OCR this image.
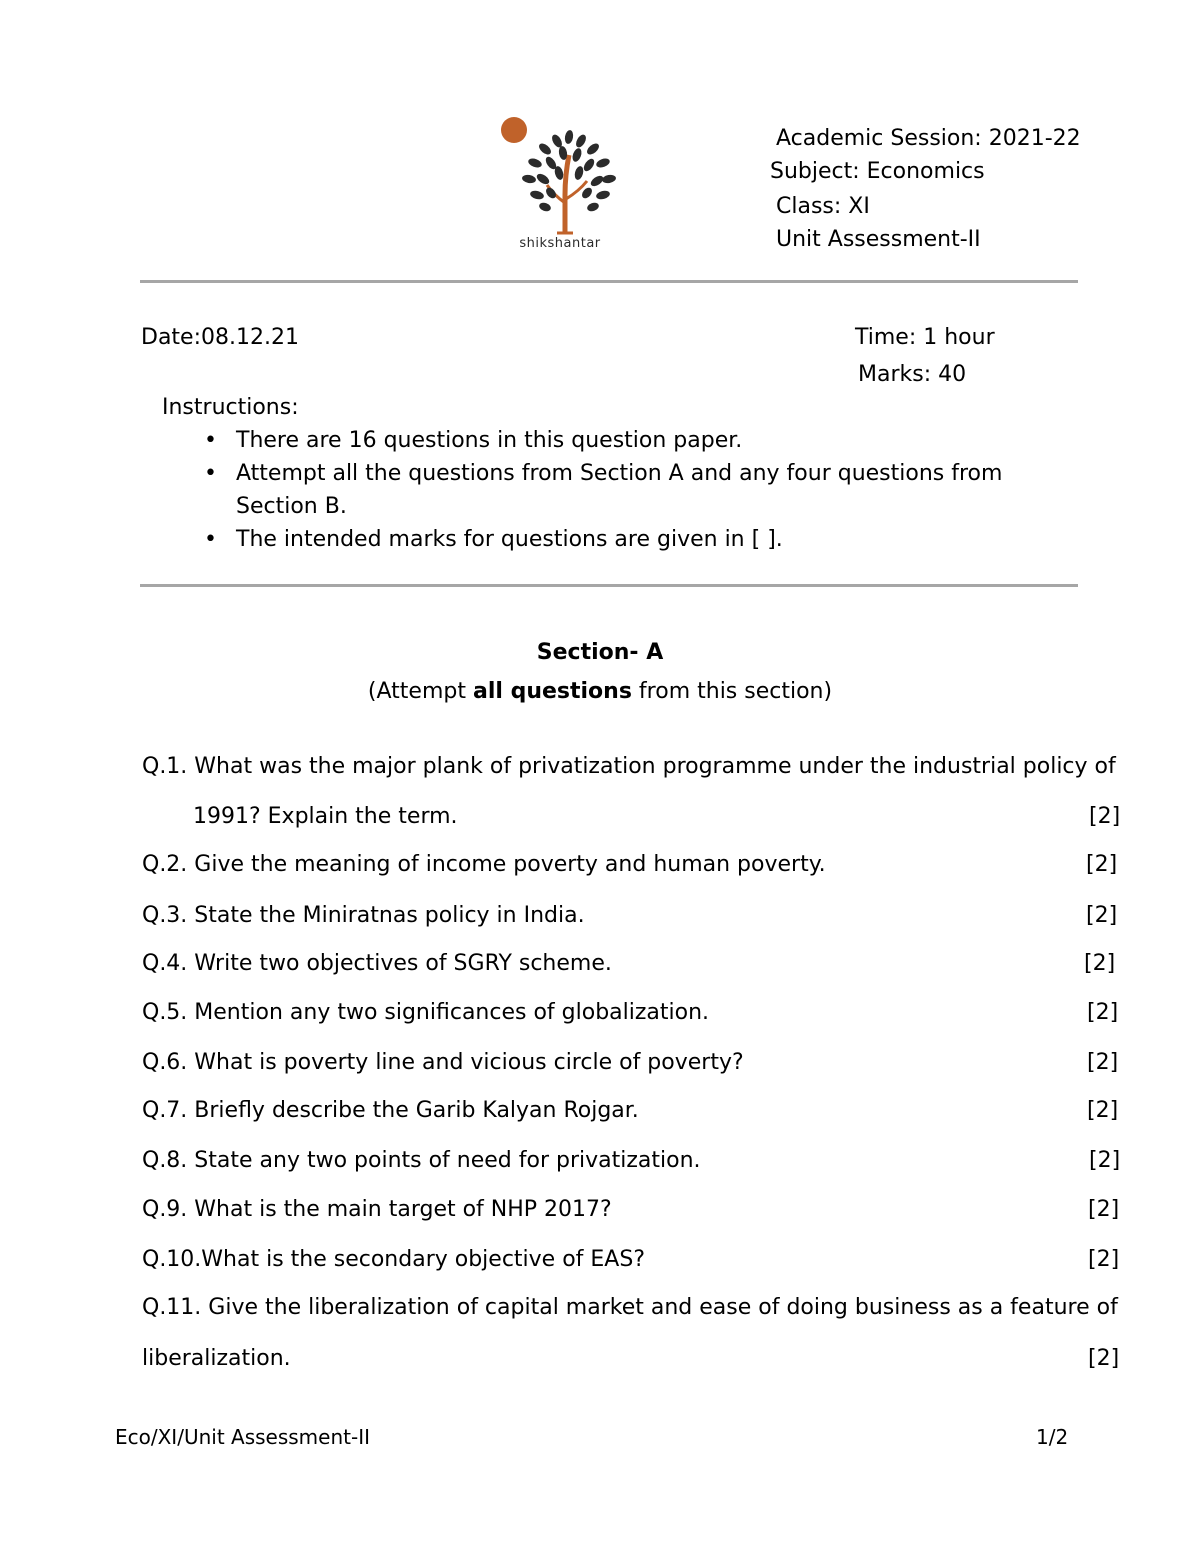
shikshantar
Academic Session: 2021-22
Subject: Economics
Class: XI
Unit Assessment-II
Date:08.12.21	Time: 1 hour
Marks: 40
Instructions:
• There are 16 questions in this question paper.
• Attempt all the questions from Section A and any four questions from Section B.
• The intended marks for questions are given in [ ].
Section- A
(Attempt all questions from this section)
Q.1. What was the major plank of privatization programme under the industrial policy of
1991? Explain the term.	[2]
Q.2. Give the meaning of income poverty and human poverty.	[2]
Q.3. State the Miniratnas policy in India.	[2]
Q.4. Write two objectives of SGRY scheme.	[2]
Q.5. Mention any two significances of globalization.	[2]
Q.6. What is poverty line and vicious circle of poverty?	[2]
Q.7. Briefly describe the Garib Kalyan Rojgar.	[2]
Q.8. State any two points of need for privatization.	[2]
Q.9. What is the main target of NHP 2017?	[2]
Q.10.What is the secondary objective of EAS?	[2]
Q.11. Give the liberalization of capital market and ease of doing business as a feature of
liberalization.	[2]
Eco/XI/Unit Assessment-II	1/2
